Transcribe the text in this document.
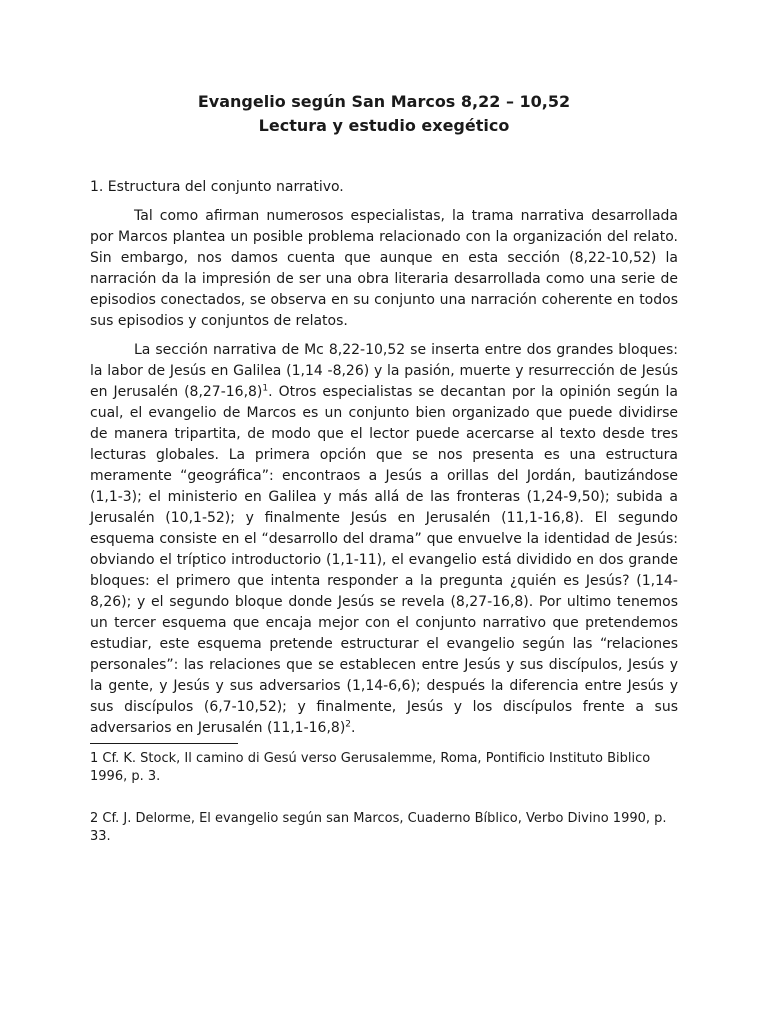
Evangelio según San Marcos 8,22 – 10,52
Lectura y estudio exegético
1. Estructura del conjunto narrativo.

Tal como afirman numerosos especialistas, la trama narrativa desarrollada por Marcos plantea un posible problema relacionado con la organización del relato. Sin embargo, nos damos cuenta que aunque en esta sección (8,22-10,52) la narración da la impresión de ser una obra literaria desarrollada como una serie de episodios conectados, se observa en su conjunto una narración coherente en todos sus episodios y conjuntos de relatos.

La sección narrativa de Mc 8,22-10,52 se inserta entre dos grandes bloques: la labor de Jesús en Galilea (1,14 -8,26) y la pasión, muerte y resurrección de Jesús en Jerusalén $(8,27-16,8)^1$. Otros especialistas se decantan por la opinión según la cual, el evangelio de Marcos es un conjunto bien organizado que puede dividirse de manera tripartita, de modo que el lector puede acercarse al texto desde tres lecturas globales. La primera opción que se nos presenta es una estructura meramente “geográfica”: encontraos a Jesús a orillas del Jordán, bautizándose (1,1-3); el ministerio en Galilea y más allá de las fronteras (1,24-9,50); subida a Jerusalén (10,1-52); y finalmente Jesús en Jerusalén (11,1-16,8). El segundo esquema consiste en el “desarrollo del drama” que envuelve la identidad de Jesús: obviando el tríptico introductorio (1,1-11), el evangelio está dividido en dos grande bloques: el primero que intenta responder a la pregunta ¿quién es Jesús? (1,14-8,26); y el segundo bloque donde Jesús se revela (8,27-16,8). Por ultimo tenemos un tercer esquema que encaja mejor con el conjunto narrativo que pretendemos estudiar, este esquema pretende estructurar el evangelio según las “relaciones personales”: las relaciones que se establecen entre Jesús y sus discípulos, Jesús y la gente, y Jesús y sus adversarios (1,14-6,6); después la diferencia entre Jesús y sus discípulos (6,7-10,52); y finalmente, Jesús y los discípulos frente a sus adversarios en Jerusalén $(11,1-16,8)^2$.

1 Cf. K. Stock, Il camino di Gesú verso Gerusalemme, Roma, Pontificio Instituto Biblico 1996, p. 3.

2 Cf. J. Delorme, El evangelio según san Marcos, Cuaderno Bíblico, Verbo Divino 1990, p. 33.
